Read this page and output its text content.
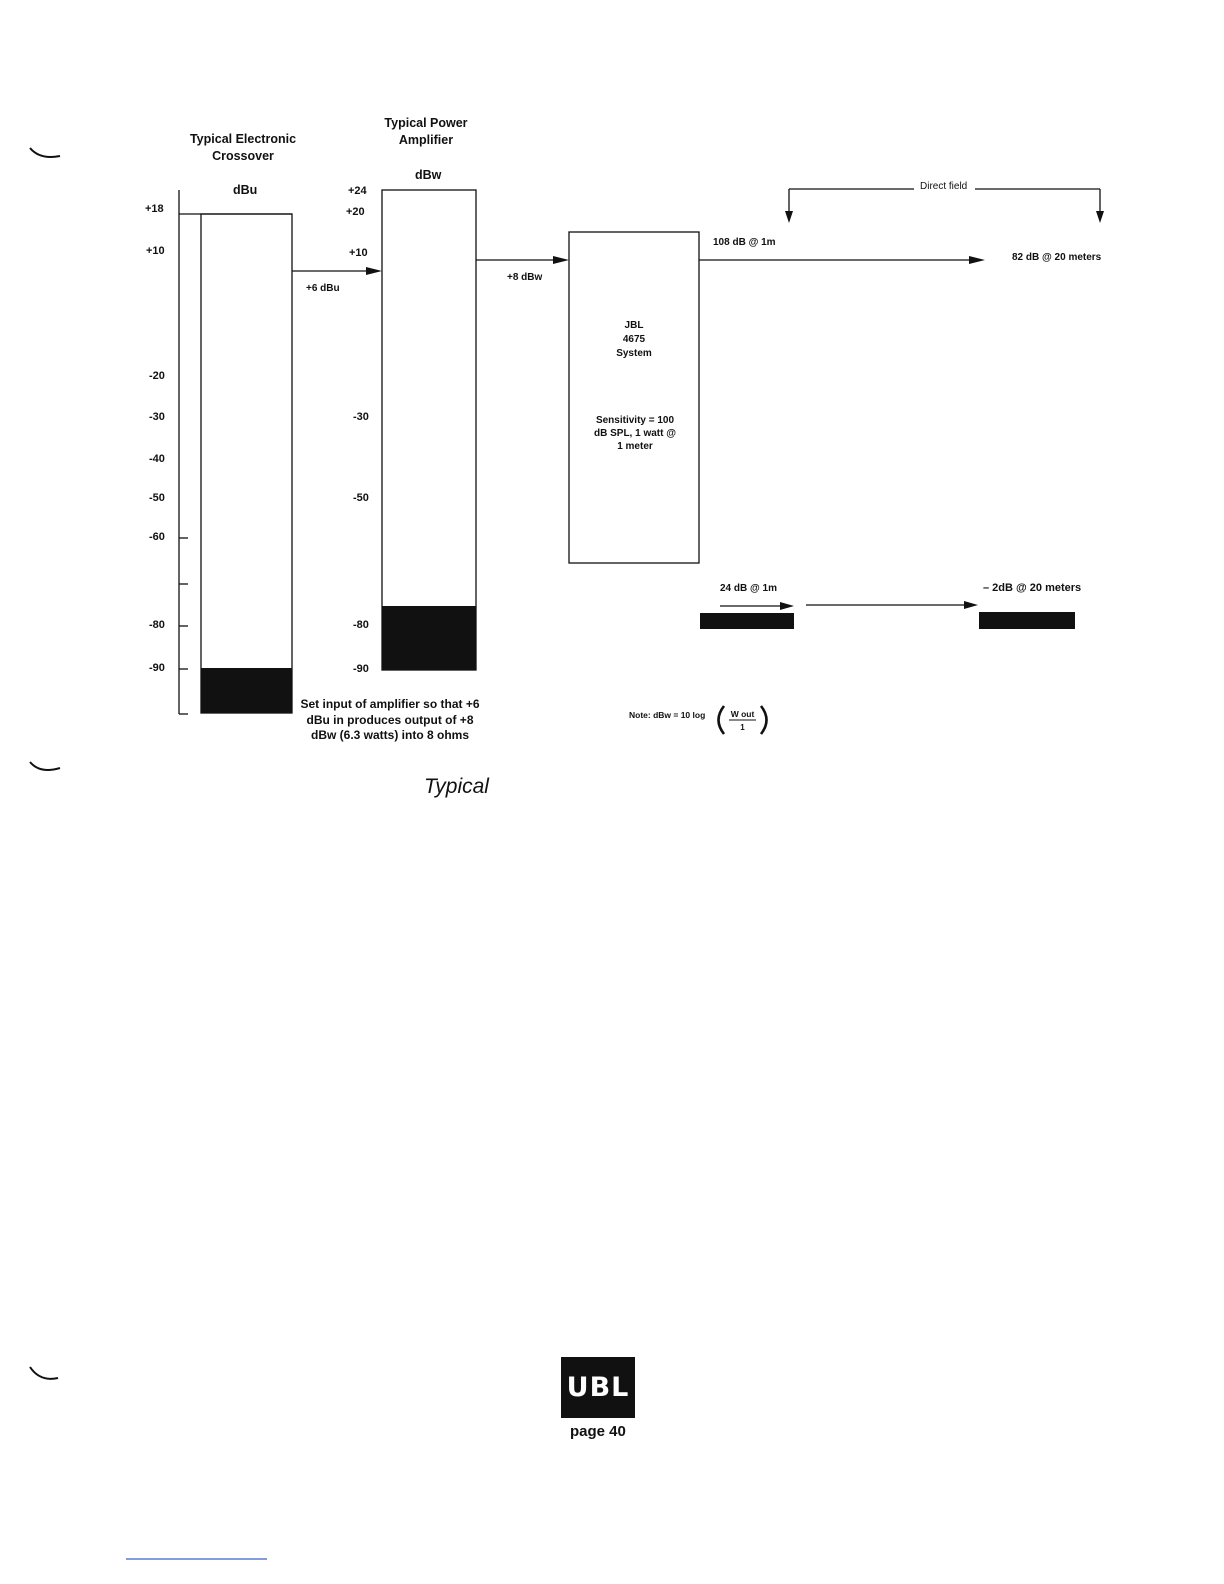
Typical Electronic Crossover
dBu
Typical Power Amplifier
dBw
+18
+10
-20
-30
-40
-50
-60
-80
-90
+24
+20
+10
-30
-50
-80
-90
+6 dBu
+8 dBw
JBL
4675
System
Sensitivity = 100 dB SPL, 1 watt @ 1 meter
Direct field
108 dB @ 1m
82 dB @ 20 meters
24 dB @ 1m	– 2dB @ 20 meters
Set input of amplifier so that +6 dBu in produces output of +8 dBw (6.3 watts) into 8 ohms
Note: dBw = 10 log	W out
1
Typical
UBL
page 40
